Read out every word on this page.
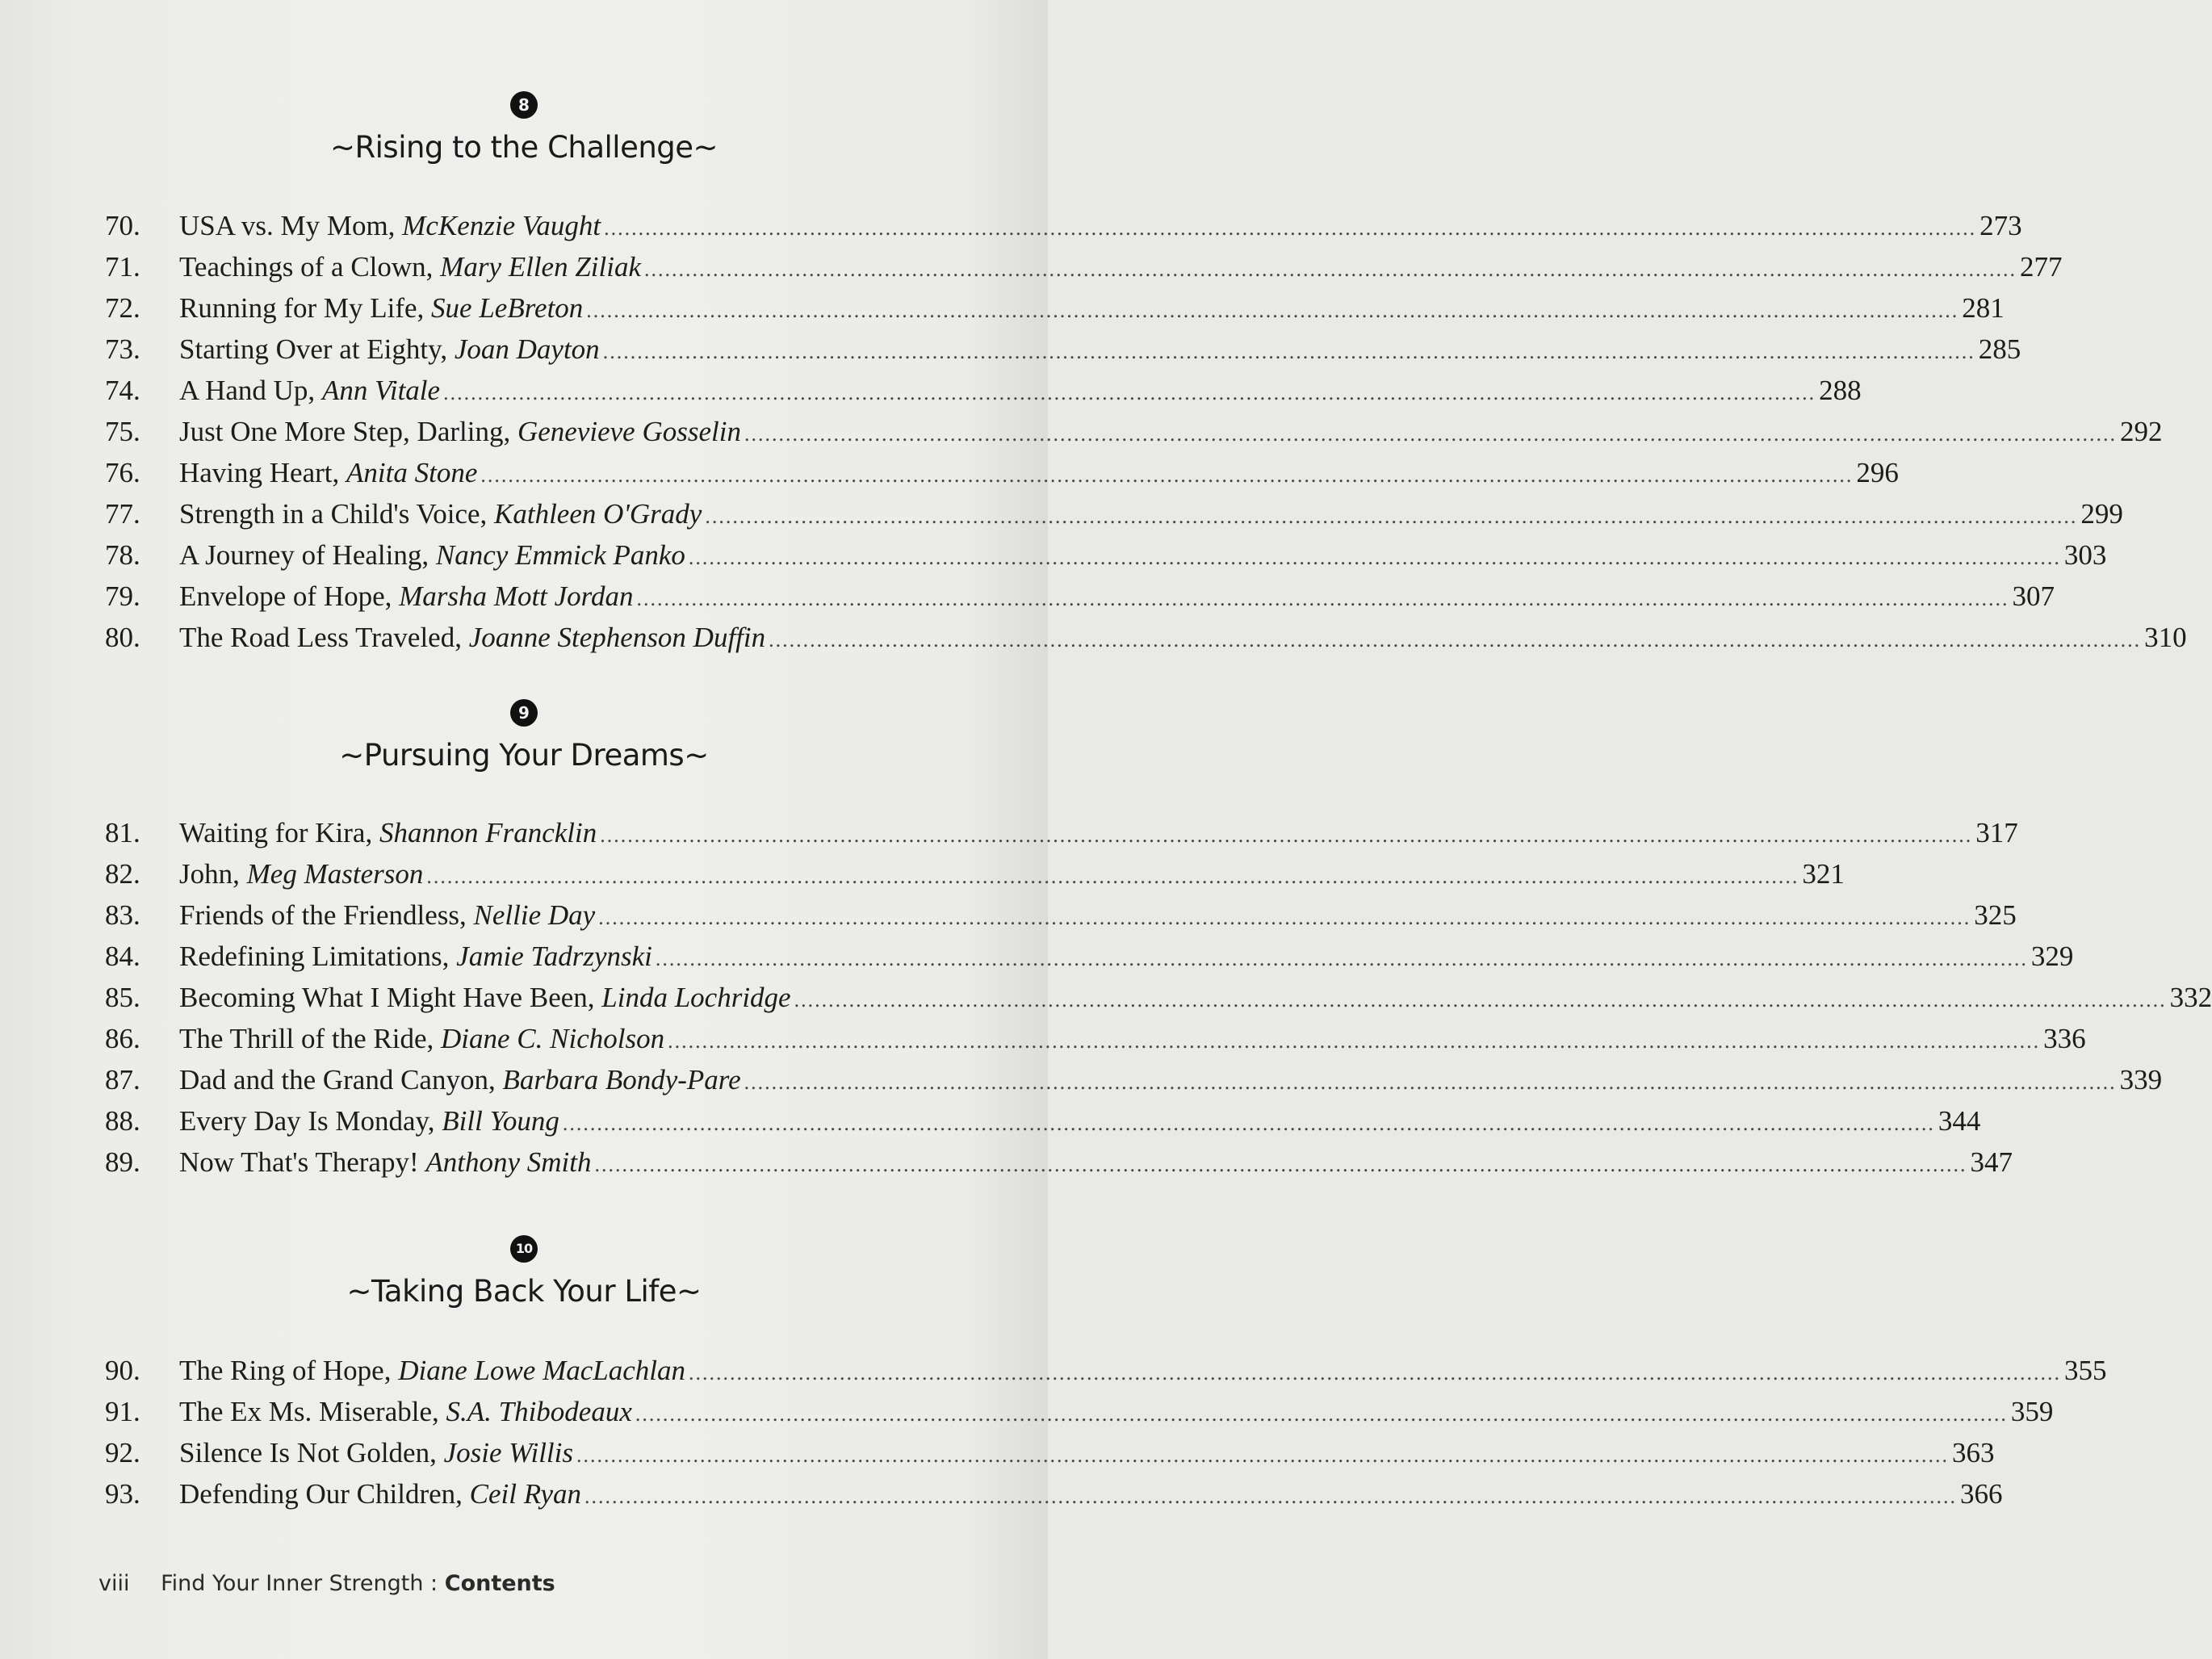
8
~Rising to the Challenge~
70.	USA vs. My Mom, McKenzie Vaught ........................................................................................................................................................................................................ 273
71.	Teachings of a Clown, Mary Ellen Ziliak ........................................................................................................................................................................................................ 277
72.	Running for My Life, Sue LeBreton ........................................................................................................................................................................................................ 281
73.	Starting Over at Eighty, Joan Dayton ........................................................................................................................................................................................................ 285
74.	A Hand Up, Ann Vitale ........................................................................................................................................................................................................ 288
75.	Just One More Step, Darling, Genevieve Gosselin ........................................................................................................................................................................................................ 292
76.	Having Heart, Anita Stone ........................................................................................................................................................................................................ 296
77.	Strength in a Child's Voice, Kathleen O'Grady ........................................................................................................................................................................................................ 299
78.	A Journey of Healing, Nancy Emmick Panko ........................................................................................................................................................................................................ 303
79.	Envelope of Hope, Marsha Mott Jordan ........................................................................................................................................................................................................ 307
80.	The Road Less Traveled, Joanne Stephenson Duffin ........................................................................................................................................................................................................ 310
9
~Pursuing Your Dreams~
81.	Waiting for Kira, Shannon Francklin ........................................................................................................................................................................................................ 317
82.	John, Meg Masterson ........................................................................................................................................................................................................ 321
83.	Friends of the Friendless, Nellie Day ........................................................................................................................................................................................................ 325
84.	Redefining Limitations, Jamie Tadrzynski ........................................................................................................................................................................................................ 329
85.	Becoming What I Might Have Been, Linda Lochridge ........................................................................................................................................................................................................ 332
86.	The Thrill of the Ride, Diane C. Nicholson ........................................................................................................................................................................................................ 336
87.	Dad and the Grand Canyon, Barbara Bondy-Pare ........................................................................................................................................................................................................ 339
88.	Every Day Is Monday, Bill Young ........................................................................................................................................................................................................ 344
89.	Now That's Therapy! Anthony Smith ........................................................................................................................................................................................................ 347
10
~Taking Back Your Life~
90.	The Ring of Hope, Diane Lowe MacLachlan ........................................................................................................................................................................................................ 355
91.	The Ex Ms. Miserable, S.A. Thibodeaux ........................................................................................................................................................................................................ 359
92.	Silence Is Not Golden, Josie Willis ........................................................................................................................................................................................................ 363
93.	Defending Our Children, Ceil Ryan ........................................................................................................................................................................................................ 366
viii Find Your Inner Strength : Contents
